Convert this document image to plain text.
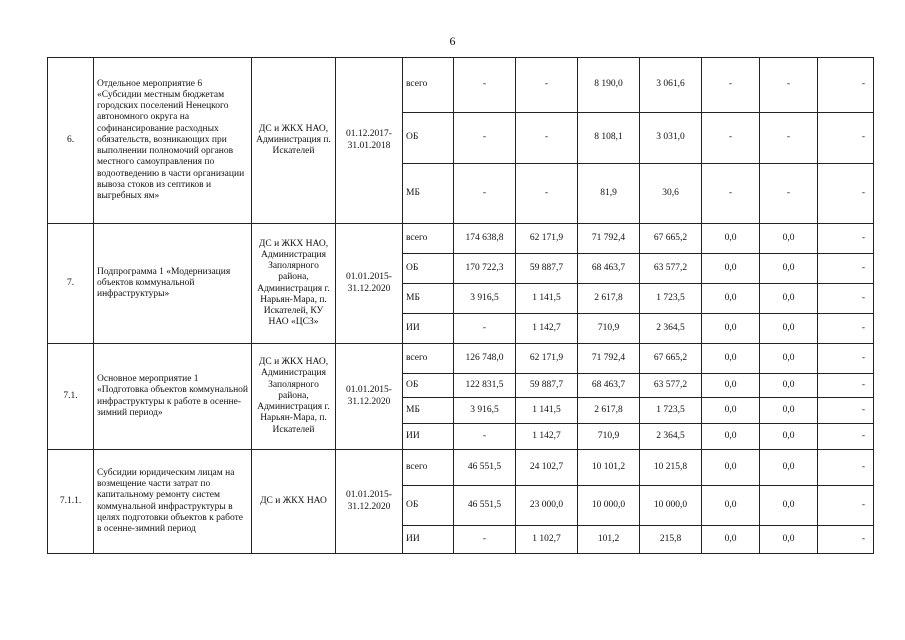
6
6.	Отдельное мероприятие 6 «Субсидии местным бюджетам городских поселений Ненецкого автономного округа на софинансирование расходных обязательств, возникающих при выполнении полномочий органов местного самоуправления по водоотведению в части организации вывоза стоков из септиков и выгребных ям»	ДС и ЖКХ НАО, Администрация п. Искателей	01.12.2017-31.01.2018	всего	-	-	8 190,0	3 061,6	-	-	-
				ОБ	-	-	8 108,1	3 031,0	-	-	-
				МБ	-	-	81,9	30,6	-	-	-
7.	Подпрограмма 1 «Модернизация объектов коммунальной инфраструктуры»	ДС и ЖКХ НАО, Администрация Заполярного района, Администрация г. Нарьян-Мара, п. Искателей, КУ НАО «ЦСЗ»	01.01.2015-31.12.2020	всего	174 638,8	62 171,9	71 792,4	67 665,2	0,0	0,0	-
				ОБ	170 722,3	59 887,7	68 463,7	63 577,2	0,0	0,0	-
				МБ	3 916,5	1 141,5	2 617,8	1 723,5	0,0	0,0	-
				ИИ	-	1 142,7	710,9	2 364,5	0,0	0,0	-
7.1.	Основное мероприятие 1 «Подготовка объектов коммунальной инфраструктуры к работе в осенне-зимний период»	ДС и ЖКХ НАО, Администрация Заполярного района, Администрация г. Нарьян-Мара, п. Искателей	01.01.2015-31.12.2020	всего	126 748,0	62 171,9	71 792,4	67 665,2	0,0	0,0	-
				ОБ	122 831,5	59 887,7	68 463,7	63 577,2	0,0	0,0	-
				МБ	3 916,5	1 141,5	2 617,8	1 723,5	0,0	0,0	-
				ИИ	-	1 142,7	710,9	2 364,5	0,0	0,0	-
7.1.1.	Субсидии юридическим лицам на возмещение части затрат по капитальному ремонту систем коммунальной инфраструктуры в целях подготовки объектов к работе в осенне-зимний период	ДС и ЖКХ НАО	01.01.2015-31.12.2020	всего	46 551,5	24 102,7	10 101,2	10 215,8	0,0	0,0	-
				ОБ	46 551,5	23 000,0	10 000,0	10 000,0	0,0	0,0	-
				ИИ	-	1 102,7	101,2	215,8	0,0	0,0	-
